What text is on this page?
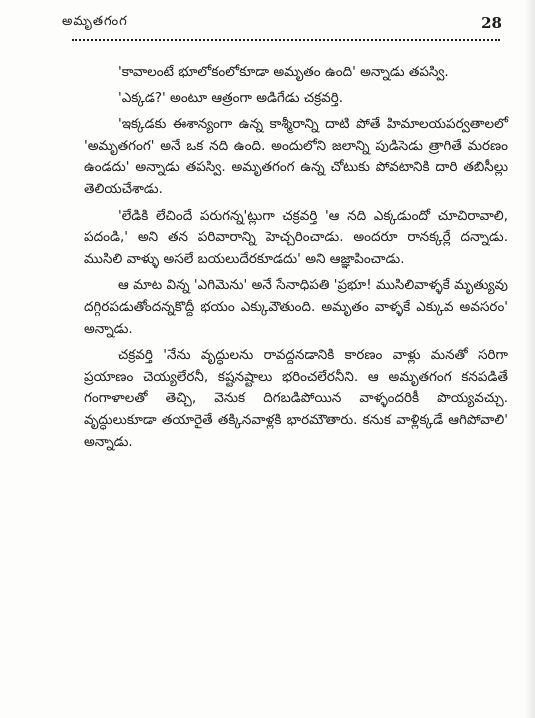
అమృతగంగ	28

'కావాలంటే భూలోకంలోకూడా అమృతం ఉంది' అన్నాడు తపస్వి.

'ఎక్కడ?' అంటూ ఆత్రంగా అడిగేడు చక్రవర్తి.

'ఇక్కడకు ఈశాన్యంగా ఉన్న కాశ్మీరాన్ని దాటి పోతే హిమాలయపర్వతాలలో 'అమృతగంగ' అనే ఒక నది ఉంది. అందులోని జలాన్ని పుడిసెడు త్రాగితే మరణం ఉండదు' అన్నాడు తపస్వి. అమృతగంగ ఉన్న చోటుకు పోవటానికి దారి తబిసీల్లు తెలియచేశాడు.

'లేడికి లేచిందే పరుగన్న'ట్లుగా చక్రవర్తి 'ఆ నది ఎక్కడుందో చూచిరావాలి, పదండి,' అని తన పరివారాన్ని హెచ్చరించాడు. అందరూ రానక్కర్లే దన్నాడు. ముసిలి వాళ్ళు అసలే బయలుదేరకూడదు' అని ఆజ్ఞాపించాడు.

ఆ మాట విన్న 'ఎగిమెను' అనే సేనాధిపతి 'ప్రభూ! ముసిలివాళ్ళకే మృత్యువు దగ్గిరపడుతోందన్నకొద్దీ భయం ఎక్కువౌతుంది. అమృతం వాళ్ళకే ఎక్కువ అవసరం' అన్నాడు.

చక్రవర్తి 'నేను వృద్ధులను రావద్దనడానికి కారణం వాళ్లు మనతో సరిగా ప్రయాణం చెయ్యలేరనీ, కష్టనష్టాలు భరించలేరనీని. ఆ అమృతగంగ కనపడితే గంగాళాలతో తెచ్చి, వెనుక దిగబడిపోయిన వాళ్ళందరికీ పొయ్యవచ్చు. వృద్ధులుకూడా తయారైతే తక్కినవాళ్లకి భారమౌతారు. కనుక వాళ్లిక్కడే ఆగిపోవాలి' అన్నాడు.
